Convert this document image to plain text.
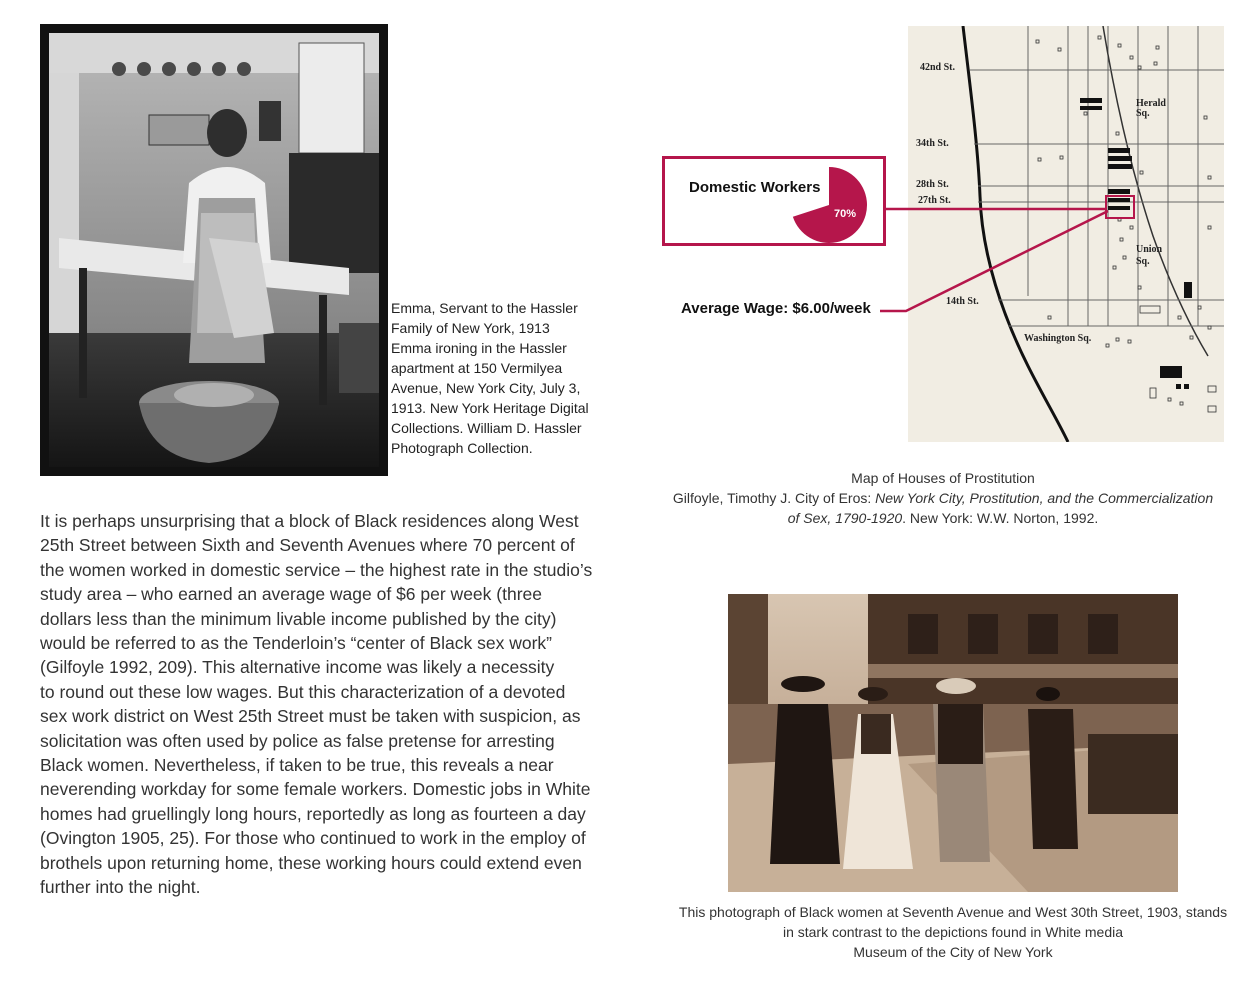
Emma, Servant to the Hassler
Family of New York, 1913
Emma ironing in the Hassler
apartment at 150 Vermilyea
Avenue, New York City, July 3,
1913. New York Heritage Digital
Collections. William D. Hassler
Photograph Collection.
It is perhaps unsurprising that a block of Black residences along West
25th Street between Sixth and Seventh Avenues where 70 percent of
the women worked in domestic service – the highest rate in the studio’s
study area – who earned an average wage of $6 per week (three
dollars less than the minimum livable income published by the city)
would be referred to as the Tenderloin’s “center of Black sex work”
(Gilfoyle 1992, 209). This alternative income was likely a necessity
to round out these low wages. But this characterization of a devoted
sex work district on West 25th Street must be taken with suspicion, as
solicitation was often used by police as false pretense for arresting
Black women. Nevertheless, if taken to be true, this reveals a near
neverending workday for some female workers. Domestic jobs in White
homes had gruellingly long hours, reportedly as long as fourteen a day
(Ovington 1905, 25). For those who continued to work in the employ of
brothels upon returning home, these working hours could extend even
further into the night.
42nd St.
34th St.
28th St.
27th St.
14th St.
Herald
Sq.
Union
Sq.
Washington Sq.
Domestic Workers
70%
Average Wage: $6.00/week
Map of Houses of Prostitution
Gilfoyle, Timothy J. City of Eros: New York City, Prostitution, and the Commercialization
of Sex, 1790-1920. New York: W.W. Norton, 1992.
This photograph of Black women at Seventh Avenue and West 30th Street, 1903, stands
in stark contrast to the depictions found in White media
Museum of the City of New York
